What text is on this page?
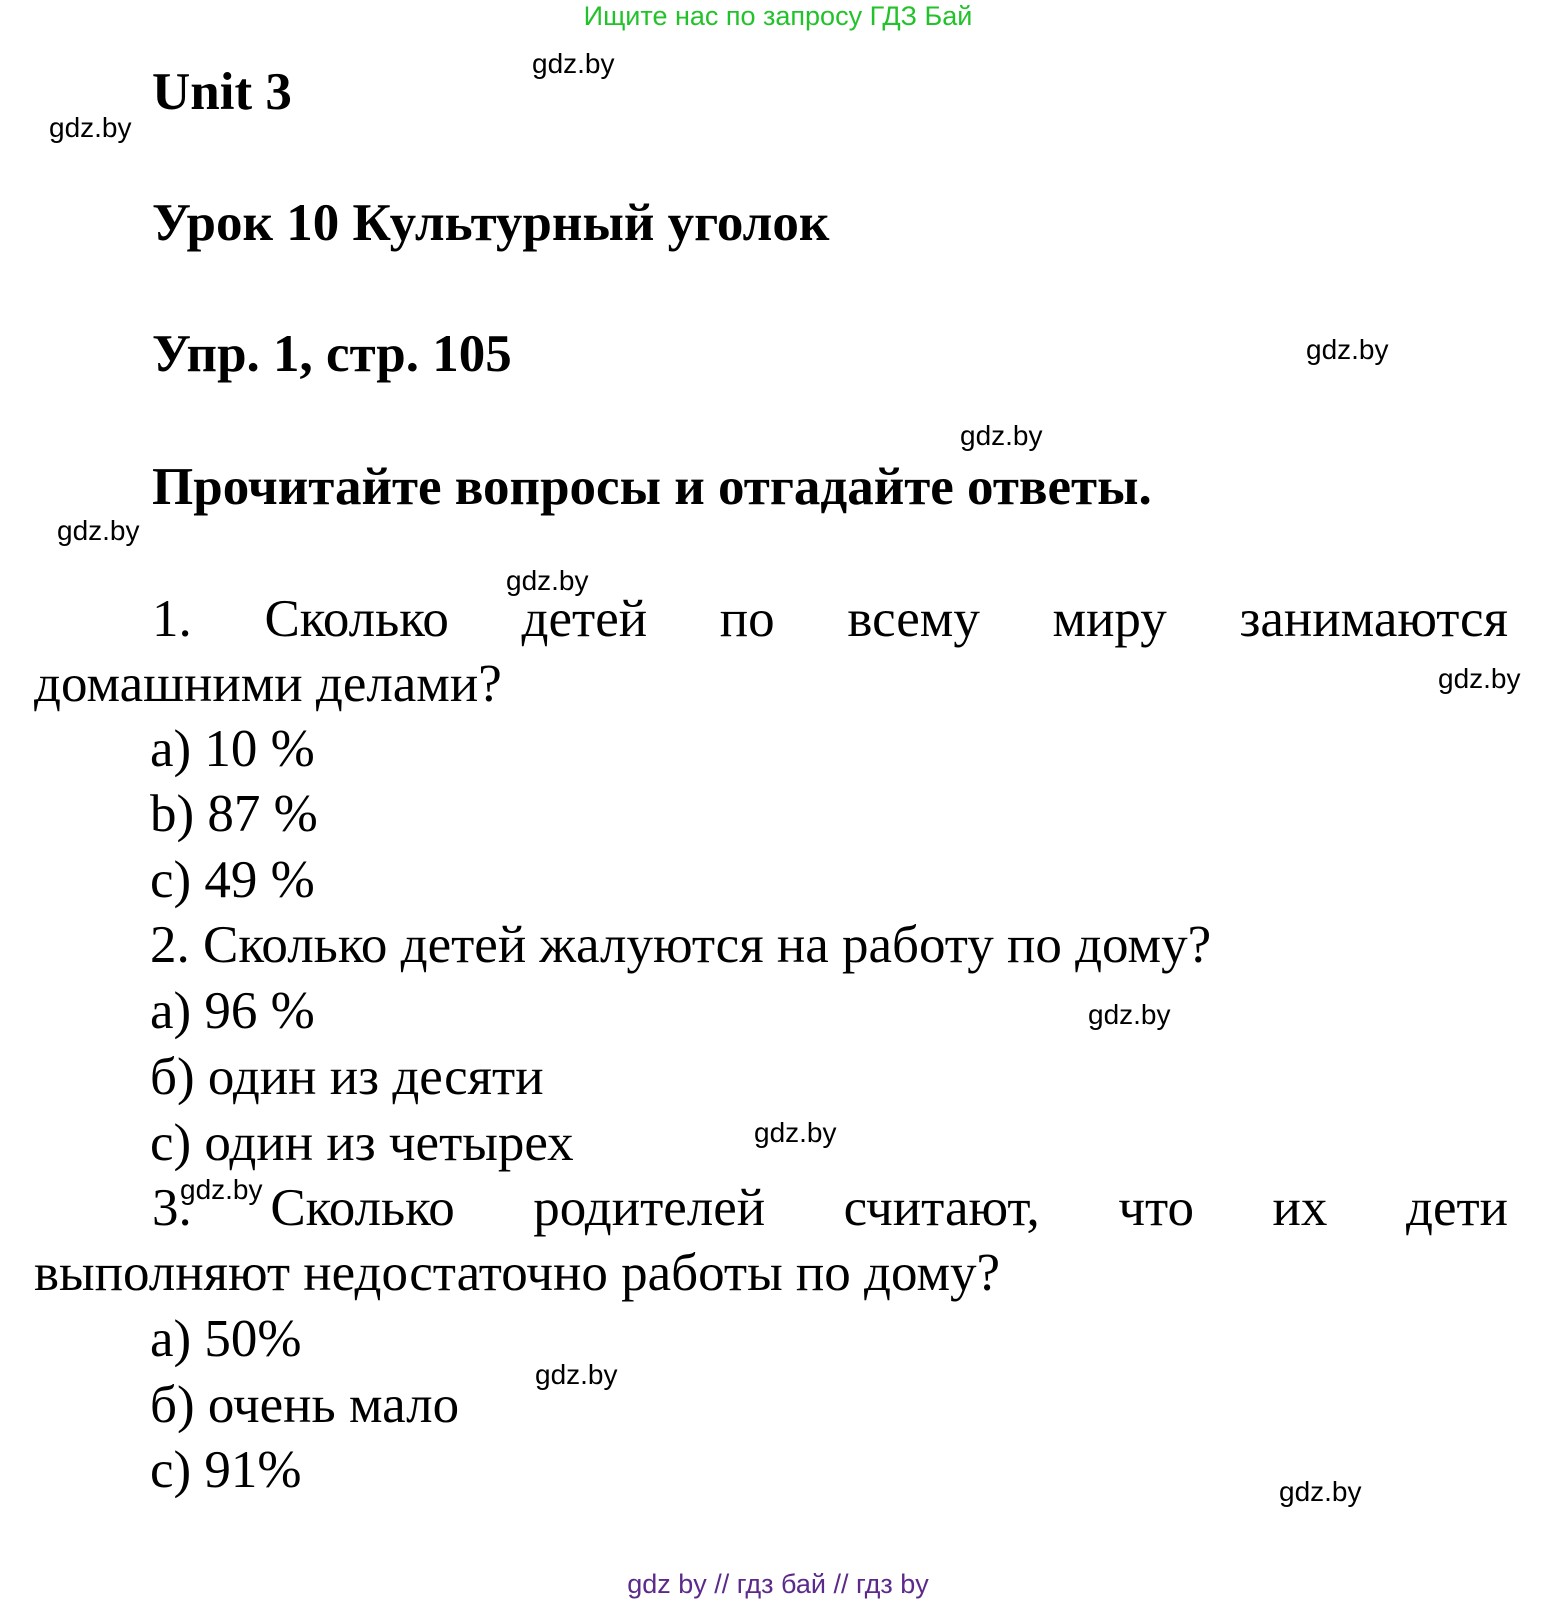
Ищите нас по запросу ГДЗ Бай
Unit 3
Урок 10 Культурный уголок
Упр. 1, стр. 105
Прочитайте вопросы и отгадайте ответы.
1. Сколько детей по всему миру занимаются
домашними делами?
а) 10 %
b) 87 %
c) 49 %
2. Сколько детей жалуются на работу по дому?
а) 96 %
б) один из десяти
c) один из четырех
3. Сколько родителей считают, что их дети
выполняют недостаточно работы по дому?
а) 50%
б) очень мало
с) 91%
gdz.by
gdz.by
gdz.by
gdz.by
gdz.by
gdz.by
gdz.by
gdz.by
gdz.by
gdz.by
gdz.by
gdz.by
gdz by // гдз бай // гдз by
